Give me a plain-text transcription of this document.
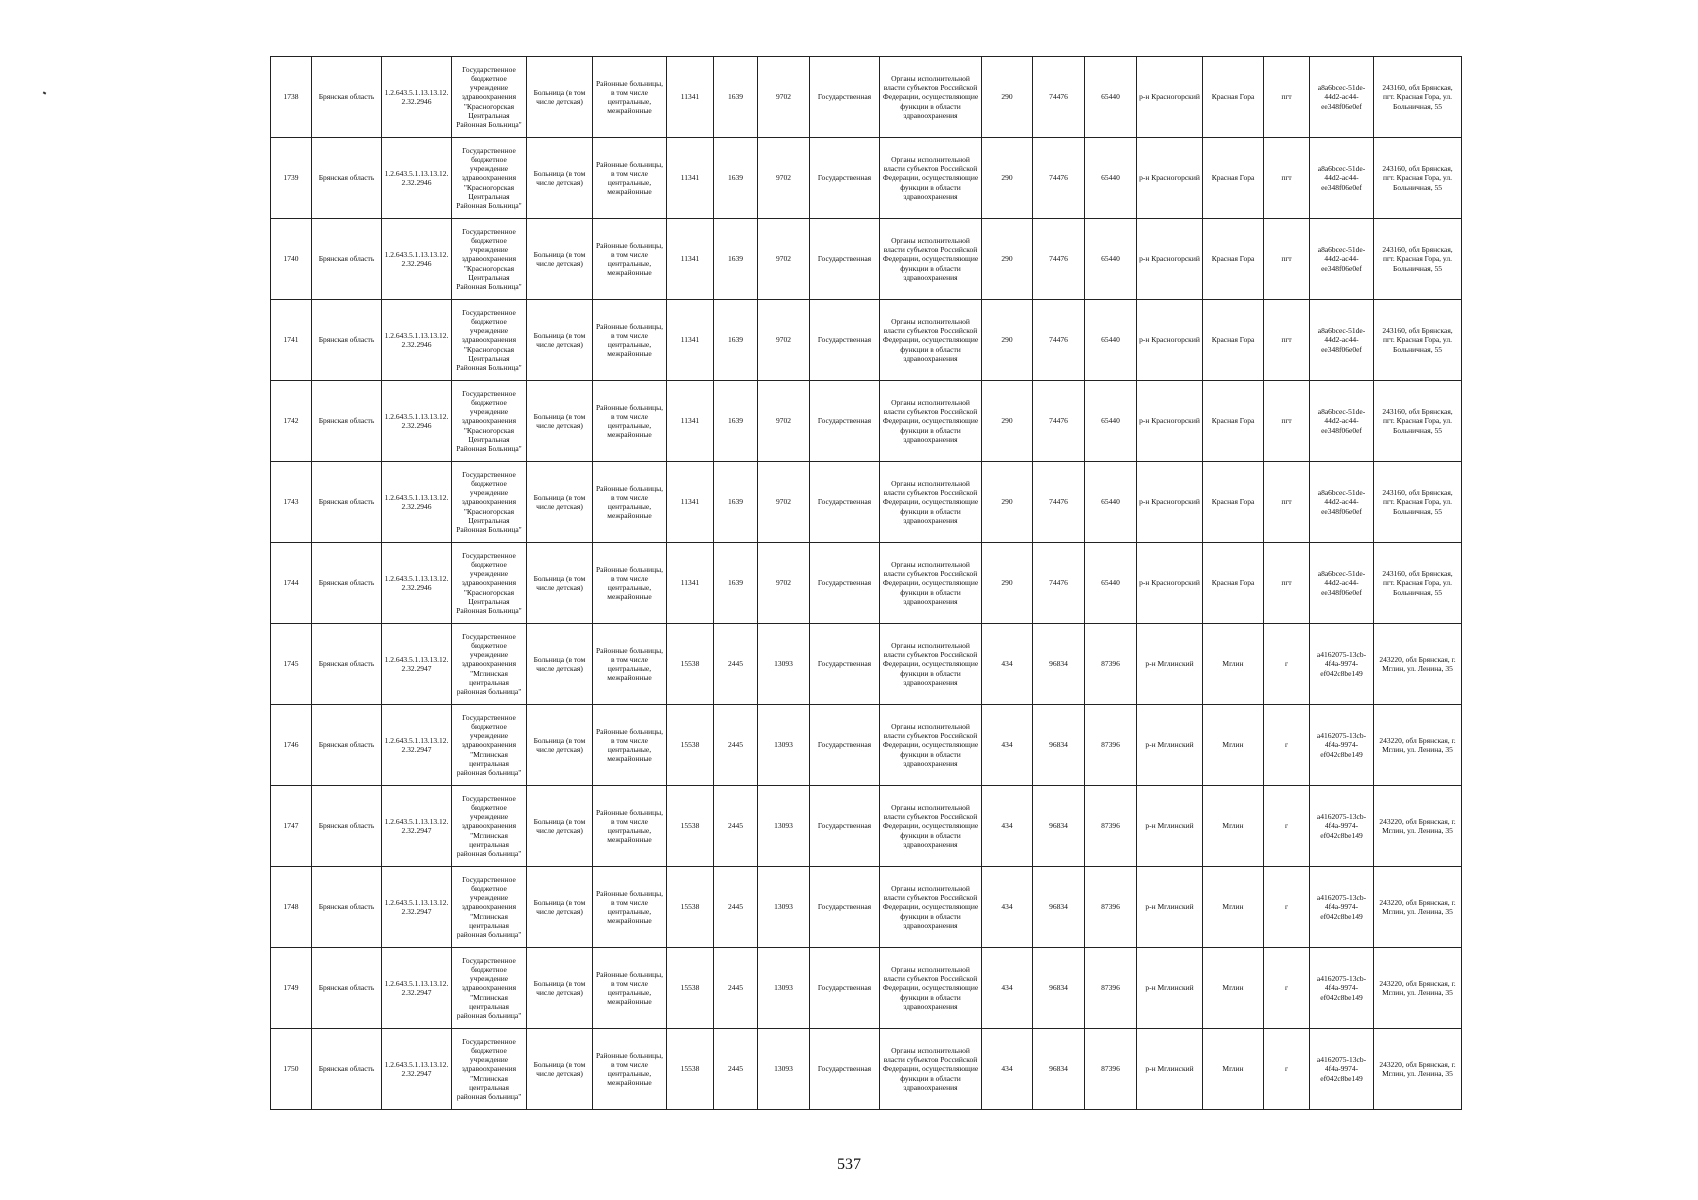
1738	Брянская область	1.2.643.5.1.13.13.12.2.32.2946	Государственное бюджетное учреждение здравоохранения "Красногорская Центральная Районная Больница"	Больница (в том числе детская)	Районные больницы, в том числе центральные, межрайонные	11341	1639	9702	Государственная	Органы исполнительной власти субъектов Российской Федерации, осуществляющие функции в области здравоохранения	290	74476	65440	р-н Красногорский	Красная Гора	пгт	a8a6bcec-51de-44d2-ac44-ee348f06e0ef	243160, обл Брянская, пгт. Красная Гора, ул. Больничная, 55
1739	Брянская область	1.2.643.5.1.13.13.12.2.32.2946	Государственное бюджетное учреждение здравоохранения "Красногорская Центральная Районная Больница"	Больница (в том числе детская)	Районные больницы, в том числе центральные, межрайонные	11341	1639	9702	Государственная	Органы исполнительной власти субъектов Российской Федерации, осуществляющие функции в области здравоохранения	290	74476	65440	р-н Красногорский	Красная Гора	пгт	a8a6bcec-51de-44d2-ac44-ee348f06e0ef	243160, обл Брянская, пгт. Красная Гора, ул. Больничная, 55
1740	Брянская область	1.2.643.5.1.13.13.12.2.32.2946	Государственное бюджетное учреждение здравоохранения "Красногорская Центральная Районная Больница"	Больница (в том числе детская)	Районные больницы, в том числе центральные, межрайонные	11341	1639	9702	Государственная	Органы исполнительной власти субъектов Российской Федерации, осуществляющие функции в области здравоохранения	290	74476	65440	р-н Красногорский	Красная Гора	пгт	a8a6bcec-51de-44d2-ac44-ee348f06e0ef	243160, обл Брянская, пгт. Красная Гора, ул. Больничная, 55
1741	Брянская область	1.2.643.5.1.13.13.12.2.32.2946	Государственное бюджетное учреждение здравоохранения "Красногорская Центральная Районная Больница"	Больница (в том числе детская)	Районные больницы, в том числе центральные, межрайонные	11341	1639	9702	Государственная	Органы исполнительной власти субъектов Российской Федерации, осуществляющие функции в области здравоохранения	290	74476	65440	р-н Красногорский	Красная Гора	пгт	a8a6bcec-51de-44d2-ac44-ee348f06e0ef	243160, обл Брянская, пгт. Красная Гора, ул. Больничная, 55
1742	Брянская область	1.2.643.5.1.13.13.12.2.32.2946	Государственное бюджетное учреждение здравоохранения "Красногорская Центральная Районная Больница"	Больница (в том числе детская)	Районные больницы, в том числе центральные, межрайонные	11341	1639	9702	Государственная	Органы исполнительной власти субъектов Российской Федерации, осуществляющие функции в области здравоохранения	290	74476	65440	р-н Красногорский	Красная Гора	пгт	a8a6bcec-51de-44d2-ac44-ee348f06e0ef	243160, обл Брянская, пгт. Красная Гора, ул. Больничная, 55
1743	Брянская область	1.2.643.5.1.13.13.12.2.32.2946	Государственное бюджетное учреждение здравоохранения "Красногорская Центральная Районная Больница"	Больница (в том числе детская)	Районные больницы, в том числе центральные, межрайонные	11341	1639	9702	Государственная	Органы исполнительной власти субъектов Российской Федерации, осуществляющие функции в области здравоохранения	290	74476	65440	р-н Красногорский	Красная Гора	пгт	a8a6bcec-51de-44d2-ac44-ee348f06e0ef	243160, обл Брянская, пгт. Красная Гора, ул. Больничная, 55
1744	Брянская область	1.2.643.5.1.13.13.12.2.32.2946	Государственное бюджетное учреждение здравоохранения "Красногорская Центральная Районная Больница"	Больница (в том числе детская)	Районные больницы, в том числе центральные, межрайонные	11341	1639	9702	Государственная	Органы исполнительной власти субъектов Российской Федерации, осуществляющие функции в области здравоохранения	290	74476	65440	р-н Красногорский	Красная Гора	пгт	a8a6bcec-51de-44d2-ac44-ee348f06e0ef	243160, обл Брянская, пгт. Красная Гора, ул. Больничная, 55
1745	Брянская область	1.2.643.5.1.13.13.12.2.32.2947	Государственное бюджетное учреждение здравоохранения "Мглинская центральная районная больница"	Больница (в том числе детская)	Районные больницы, в том числе центральные, межрайонные	15538	2445	13093	Государственная	Органы исполнительной власти субъектов Российской Федерации, осуществляющие функции в области здравоохранения	434	96834	87396	р-н Мглинский	Мглин	г	a4162075-13cb-4f4a-9974-ef042c8be149	243220, обл Брянская, г. Мглин, ул. Ленина, 35
1746	Брянская область	1.2.643.5.1.13.13.12.2.32.2947	Государственное бюджетное учреждение здравоохранения "Мглинская центральная районная больница"	Больница (в том числе детская)	Районные больницы, в том числе центральные, межрайонные	15538	2445	13093	Государственная	Органы исполнительной власти субъектов Российской Федерации, осуществляющие функции в области здравоохранения	434	96834	87396	р-н Мглинский	Мглин	г	a4162075-13cb-4f4a-9974-ef042c8be149	243220, обл Брянская, г. Мглин, ул. Ленина, 35
1747	Брянская область	1.2.643.5.1.13.13.12.2.32.2947	Государственное бюджетное учреждение здравоохранения "Мглинская центральная районная больница"	Больница (в том числе детская)	Районные больницы, в том числе центральные, межрайонные	15538	2445	13093	Государственная	Органы исполнительной власти субъектов Российской Федерации, осуществляющие функции в области здравоохранения	434	96834	87396	р-н Мглинский	Мглин	г	a4162075-13cb-4f4a-9974-ef042c8be149	243220, обл Брянская, г. Мглин, ул. Ленина, 35
1748	Брянская область	1.2.643.5.1.13.13.12.2.32.2947	Государственное бюджетное учреждение здравоохранения "Мглинская центральная районная больница"	Больница (в том числе детская)	Районные больницы, в том числе центральные, межрайонные	15538	2445	13093	Государственная	Органы исполнительной власти субъектов Российской Федерации, осуществляющие функции в области здравоохранения	434	96834	87396	р-н Мглинский	Мглин	г	a4162075-13cb-4f4a-9974-ef042c8be149	243220, обл Брянская, г. Мглин, ул. Ленина, 35
1749	Брянская область	1.2.643.5.1.13.13.12.2.32.2947	Государственное бюджетное учреждение здравоохранения "Мглинская центральная районная больница"	Больница (в том числе детская)	Районные больницы, в том числе центральные, межрайонные	15538	2445	13093	Государственная	Органы исполнительной власти субъектов Российской Федерации, осуществляющие функции в области здравоохранения	434	96834	87396	р-н Мглинский	Мглин	г	a4162075-13cb-4f4a-9974-ef042c8be149	243220, обл Брянская, г. Мглин, ул. Ленина, 35
1750	Брянская область	1.2.643.5.1.13.13.12.2.32.2947	Государственное бюджетное учреждение здравоохранения "Мглинская центральная районная больница"	Больница (в том числе детская)	Районные больницы, в том числе центральные, межрайонные	15538	2445	13093	Государственная	Органы исполнительной власти субъектов Российской Федерации, осуществляющие функции в области здравоохранения	434	96834	87396	р-н Мглинский	Мглин	г	a4162075-13cb-4f4a-9974-ef042c8be149	243220, обл Брянская, г. Мглин, ул. Ленина, 35
537
